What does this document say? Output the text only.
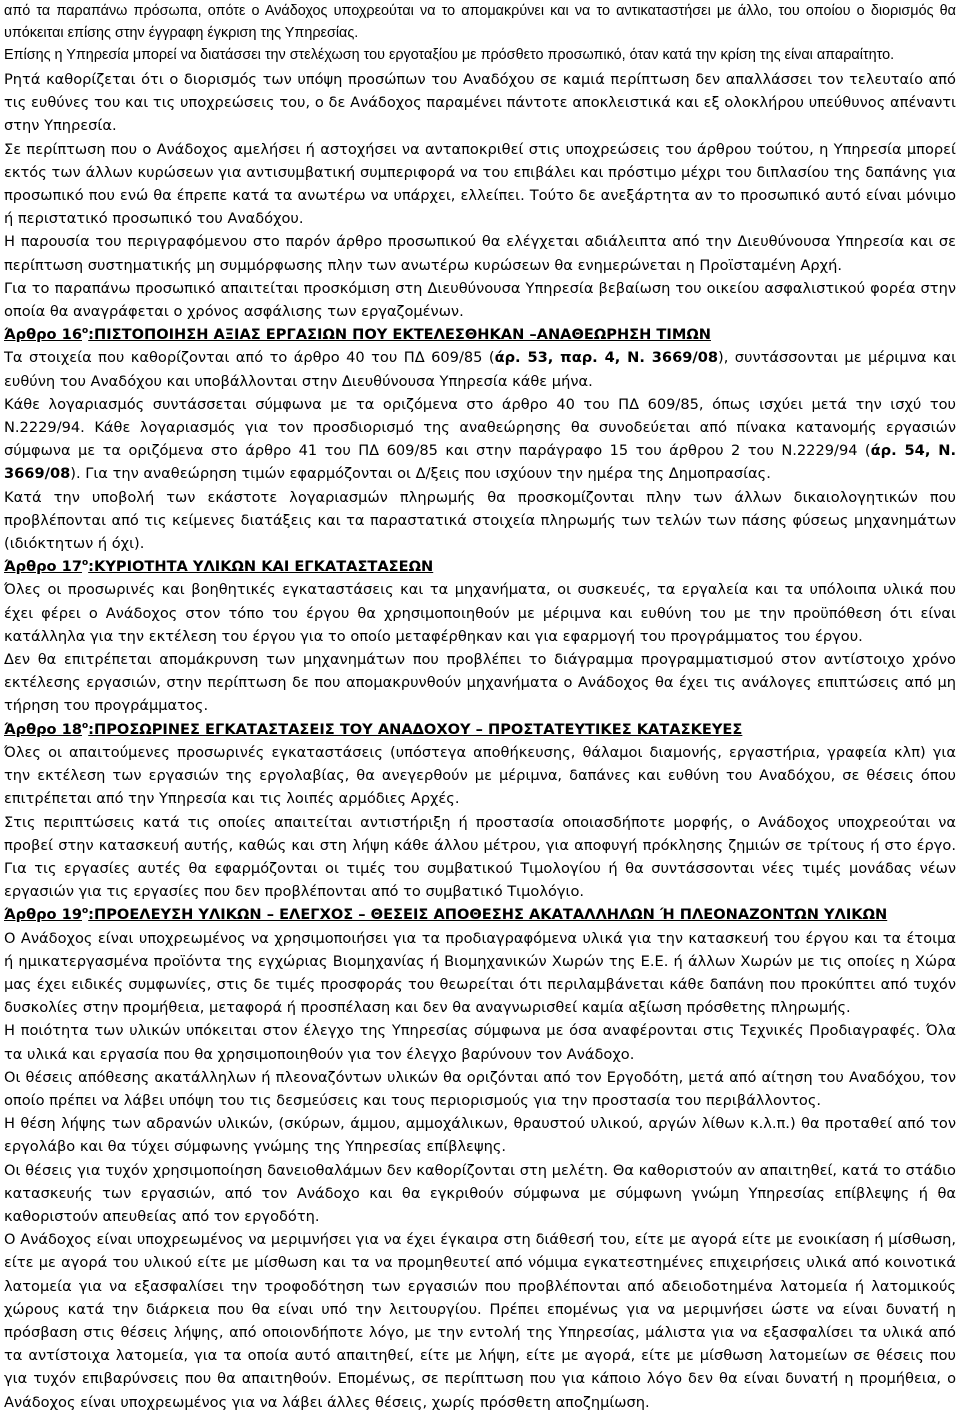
από τα παραπάνω πρόσωπα, οπότε ο Ανάδοχος υποχρεούται να το απομακρύνει και να το αντικαταστήσει με άλλο, του οποίου ο διορισμός θα υπόκειται επίσης στην έγγραφη έγκριση της Υπηρεσίας.

Επίσης η Υπηρεσία μπορεί να διατάσσει την στελέχωση του εργοταξίου με πρόσθετο προσωπικό, όταν κατά την κρίση της είναι απαραίτητο.

Ρητά καθορίζεται ότι ο διορισμός των υπόψη προσώπων του Αναδόχου σε καμιά περίπτωση δεν απαλλάσσει τον τελευταίο από τις ευθύνες του και τις υποχρεώσεις του, ο δε Ανάδοχος παραμένει πάντοτε αποκλειστικά και εξ ολοκλήρου υπεύθυνος απέναντι στην Υπηρεσία.

Σε περίπτωση που ο Ανάδοχος αμελήσει ή αστοχήσει να ανταποκριθεί στις υποχρεώσεις του άρθρου τούτου, η Υπηρεσία μπορεί εκτός των άλλων κυρώσεων για αντισυμβατική συμπεριφορά να του επιβάλει και πρόστιμο μέχρι του διπλασίου της δαπάνης για προσωπικό που ενώ θα έπρεπε κατά τα ανωτέρω να υπάρχει, ελλείπει. Τούτο δε ανεξάρτητα αν το προσωπικό αυτό είναι μόνιμο ή περιστατικό προσωπικό του Αναδόχου.

Η παρουσία του περιγραφόμενου στο παρόν άρθρο προσωπικού θα ελέγχεται αδιάλειπτα από την Διευθύνουσα Υπηρεσία και σε περίπτωση συστηματικής μη συμμόρφωσης πλην των ανωτέρω κυρώσεων θα ενημερώνεται η Προϊσταμένη Αρχή.

Για το παραπάνω προσωπικό απαιτείται προσκόμιση στη Διευθύνουσα Υπηρεσία βεβαίωση του οικείου ασφαλιστικού φορέα στην οποία θα αναγράφεται ο χρόνος ασφάλισης των εργαζομένων.

Άρθρο $16^o:\Pi I\Sigma TO\Pi OIH\Sigma H$ ΑΞΙΑΣ ΕΡΓΑΣΙΩΝ ΠΟΥ ΕΚΤΕΛΕΣΘΗΚΑΝ –ΑΝΑΘΕΩΡΗΣΗ ΤΙΜΩΝ

Τα στοιχεία που καθορίζονται από το άρθρο 40 του ΠΔ 609/85 (άρ. 53, παρ. 4, Ν. 3669/08), συντάσσονται με μέριμνα και ευθύνη του Αναδόχου και υποβάλλονται στην Διευθύνουσα Υπηρεσία κάθε μήνα.

Κάθε λογαριασμός συντάσσεται σύμφωνα με τα οριζόμενα στο άρθρο 40 του ΠΔ 609/85, όπως ισχύει μετά την ισχύ του Ν.2229/94. Κάθε λογαριασμός για τον προσδιορισμό της αναθεώρησης θα συνοδεύεται από πίνακα κατανομής εργασιών σύμφωνα με τα οριζόμενα στο άρθρο 41 του ΠΔ 609/85 και στην παράγραφο 15 του άρθρου 2 του Ν.2229/94 (άρ. 54, Ν. 3669/08). Για την αναθεώρηση τιμών εφαρμόζονται οι Δ/ξεις που ισχύουν την ημέρα της Δημοπρασίας.

Κατά την υποβολή των εκάστοτε λογαριασμών πληρωμής θα προσκομίζονται πλην των άλλων δικαιολογητικών που προβλέπονται από τις κείμενες διατάξεις και τα παραστατικά στοιχεία πληρωμής των τελών των πάσης φύσεως μηχανημάτων (ιδιόκτητων ή όχι).

Άρθρο $17^o:K\Upsilon PIOTHTA$ ΥΛΙΚΩΝ ΚΑΙ ΕΓΚΑΤΑΣΤΑΣΕΩΝ

Όλες οι προσωρινές και βοηθητικές εγκαταστάσεις και τα μηχανήματα, οι συσκευές, τα εργαλεία και τα υπόλοιπα υλικά που έχει φέρει ο Ανάδοχος στον τόπο του έργου θα χρησιμοποιηθούν με μέριμνα και ευθύνη του με την προϋπόθεση ότι είναι κατάλληλα για την εκτέλεση του έργου για το οποίο μεταφέρθηκαν και για εφαρμογή του προγράμματος του έργου.

Δεν θα επιτρέπεται απομάκρυνση των μηχανημάτων που προβλέπει το διάγραμμα προγραμματισμού στον αντίστοιχο χρόνο εκτέλεσης εργασιών, στην περίπτωση δε που απομακρυνθούν μηχανήματα ο Ανάδοχος θα έχει τις ανάλογες επιπτώσεις από μη τήρηση του προγράμματος.

Άρθρο $18^o:\Pi PO\Sigma\Omega PINE\Sigma$ ΕΓΚΑΤΑΣΤΑΣΕΙΣ ΤΟΥ ΑΝΑΔΟΧΟΥ – ΠΡΟΣΤΑΤΕΥΤΙΚΕΣ ΚΑΤΑΣΚΕΥΕΣ

Όλες οι απαιτούμενες προσωρινές εγκαταστάσεις (υπόστεγα αποθήκευσης, θάλαμοι διαμονής, εργαστήρια, γραφεία κλπ) για την εκτέλεση των εργασιών της εργολαβίας, θα ανεγερθούν με μέριμνα, δαπάνες και ευθύνη του Αναδόχου, σε θέσεις όπου επιτρέπεται από την Υπηρεσία και τις λοιπές αρμόδιες Αρχές.

Στις περιπτώσεις κατά τις οποίες απαιτείται αντιστήριξη ή προστασία οποιασδήποτε μορφής, ο Ανάδοχος υποχρεούται να προβεί στην κατασκευή αυτής, καθώς και στη λήψη κάθε άλλου μέτρου, για αποφυγή πρόκλησης ζημιών σε τρίτους ή στο έργο. Για τις εργασίες αυτές θα εφαρμόζονται οι τιμές του συμβατικού Τιμολογίου ή θα συντάσσονται νέες τιμές μονάδας νέων εργασιών για τις εργασίες που δεν προβλέπονται από το συμβατικό Τιμολόγιο.

Άρθρο $19^o:\Pi POE\Lambda E\Upsilon\Sigma H$ ΥΛΙΚΩΝ – ΕΛΕΓΧΟΣ – ΘΕΣΕΙΣ ΑΠΟΘΕΣΗΣ ΑΚΑΤΑΛΛΗΛΩΝ Ή ΠΛΕΟΝΑΖΟΝΤΩΝ ΥΛΙΚΩΝ

Ο Ανάδοχος είναι υποχρεωμένος να χρησιμοποιήσει για τα προδιαγραφόμενα υλικά για την κατασκευή του έργου και τα έτοιμα ή ημικατεργασμένα προϊόντα της εγχώριας Βιομηχανίας ή Βιομηχανικών Χωρών της Ε.Ε. ή άλλων Χωρών με τις οποίες η Χώρα μας έχει ειδικές συμφωνίες, στις δε τιμές προσφοράς του θεωρείται ότι περιλαμβάνεται κάθε δαπάνη που προκύπτει από τυχόν δυσκολίες στην προμήθεια, μεταφορά ή προσπέλαση και δεν θα αναγνωρισθεί καμία αξίωση πρόσθετης πληρωμής.

Η ποιότητα των υλικών υπόκειται στον έλεγχο της Υπηρεσίας σύμφωνα με όσα αναφέρονται στις Τεχνικές Προδιαγραφές. Όλα τα υλικά και εργασία που θα χρησιμοποιηθούν για τον έλεγχο βαρύνουν τον Ανάδοχο.

Οι θέσεις απόθεσης ακατάλληλων ή πλεοναζόντων υλικών θα οριζόνται από τον Εργοδότη, μετά από αίτηση του Αναδόχου, τον οποίο πρέπει να λάβει υπόψη του τις δεσμεύσεις και τους περιορισμούς για την προστασία του περιβάλλοντος.

Η θέση λήψης των αδρανών υλικών, (σκύρων, άμμου, αμμοχάλικων, θραυστού υλικού, αργών λίθων κ.λ.π.) θα προταθεί από τον εργολάβο και θα τύχει σύμφωνης γνώμης της Υπηρεσίας επίβλεψης.

Οι θέσεις για τυχόν χρησιμοποίηση δανειοθαλάμων δεν καθορίζονται στη μελέτη. Θα καθοριστούν αν απαιτηθεί, κατά το στάδιο κατασκευής των εργασιών, από τον Ανάδοχο και θα εγκριθούν σύμφωνα με σύμφωνη γνώμη Υπηρεσίας επίβλεψης ή θα καθοριστούν απευθείας από τον εργοδότη.

Ο Ανάδοχος είναι υποχρεωμένος να μεριμνήσει για να έχει έγκαιρα στη διάθεσή του, είτε με αγορά είτε με ενοικίαση ή μίσθωση, είτε με αγορά του υλικού είτε με μίσθωση και τα να προμηθευτεί από νόμιμα εγκατεστημένες επιχειρήσεις υλικά από κοινοτικά λατομεία για να εξασφαλίσει την τροφοδότηση των εργασιών που προβλέπονται από αδειοδοτημένα λατομεία ή λατομικούς χώρους κατά την διάρκεια που θα είναι υπό την λειτουργίου. Πρέπει επομένως για να μεριμνήσει ώστε να είναι δυνατή η πρόσβαση στις θέσεις λήψης, από οποιονδήποτε λόγο, με την εντολή της Υπηρεσίας, μάλιστα για να εξασφαλίσει τα υλικά από τα αντίστοιχα λατομεία, για τα οποία αυτό απαιτηθεί, είτε με λήψη, είτε με αγορά, είτε με μίσθωση λατομείων σε θέσεις που για τυχόν επιβαρύνσεις που θα απαιτηθούν. Επομένως, σε περίπτωση που για κάποιο λόγο δεν θα είναι δυνατή η προμήθεια, ο Ανάδοχος είναι υποχρεωμένος για να λάβει άλλες θέσεις, χωρίς πρόσθετη αποζημίωση.
